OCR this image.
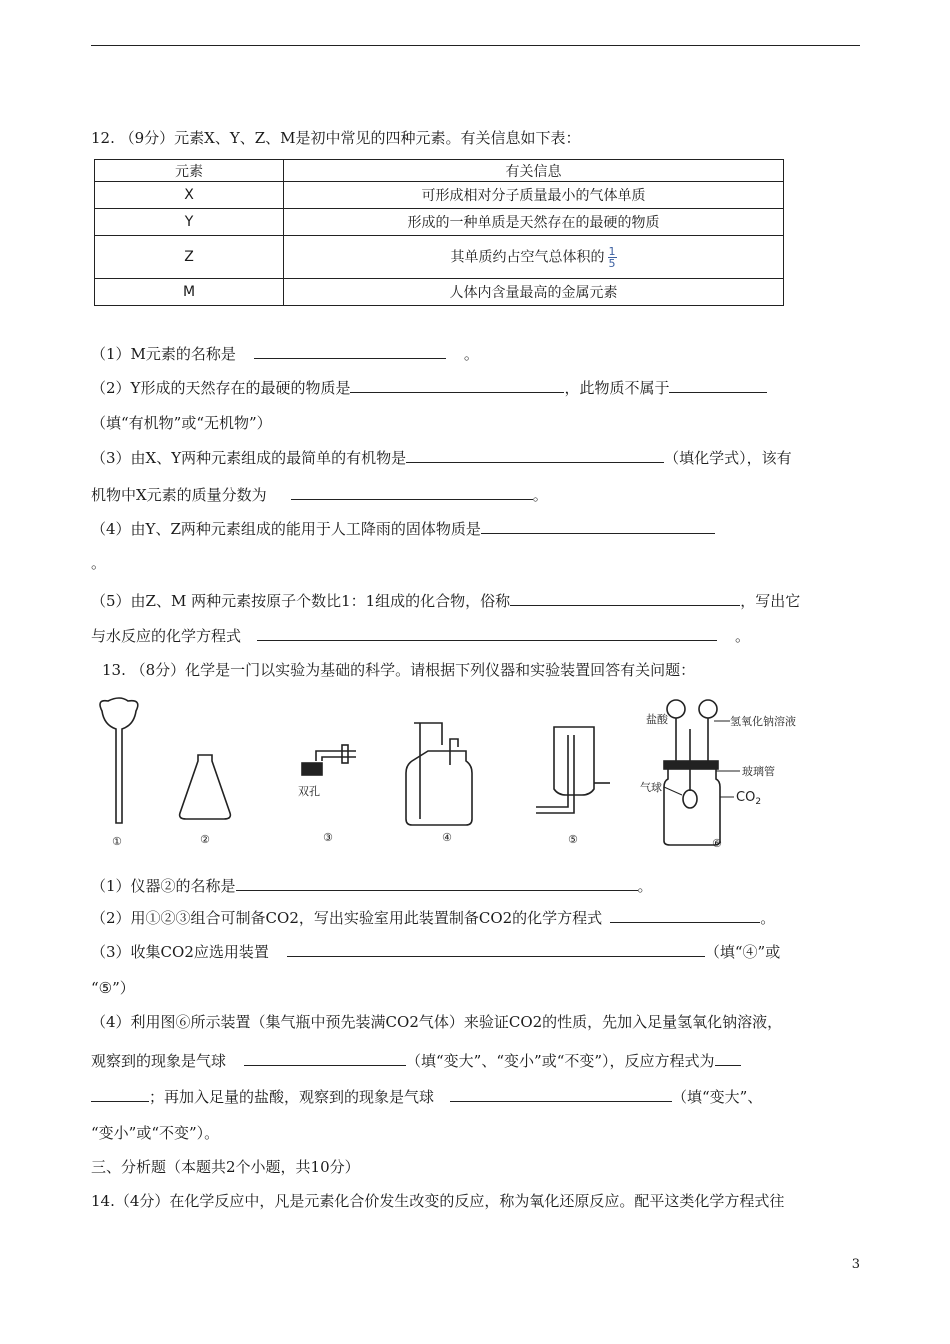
12. （9分）元素X、Y、Z、M是初中常见的四种元素。有关信息如下表：
元素	有关信息
X	可形成相对分子质量最小的气体单质
Y	形成的一种单质是天然存在的最硬的物质
Z	其单质约占空气总体积的 $\frac{1}{5}$

M	人体内含量最高的金属元素
（1）M元素的名称是	。
（2）Y形成的天然存在的最硬的物质是	，此物质不属于
（填“有机物”或“无机物”）
（3）由X、Y两种元素组成的最简单的有机物是	（填化学式），该有
机物中X元素的质量分数为	。
（4）由Y、Z两种元素组成的能用于人工降雨的固体物质是
。
（5）由Z、M 两种元素按原子个数比1：1组成的化合物，俗称	，写出它
与水反应的化学方程式	。
13. （8分）化学是一门以实验为基础的科学。请根据下列仪器和实验装置回答有关问题：
①	②	③	④	⑤	⑥
双孔
盐酸	氢氧化钠溶液
玻璃管
气球
$CO_2$
（1）仪器②的名称是	。
（2）用①②③组合可制备CO2，写出实验室用此装置制备CO2的化学方程式	。
（3）收集CO2应选用装置	（填“④”或
“⑤”）
（4）利用图⑥所示装置（集气瓶中预先装满CO2气体）来验证CO2的性质，先加入足量氢氧化钠溶液，
观察到的现象是气球	（填“变大”、“变小”或“不变”），反应方程式为
；再加入足量的盐酸，观察到的现象是气球	（填“变大”、
“变小”或“不变”）。
三、分析题（本题共2个小题，共10分）
14.（4分）在化学反应中，凡是元素化合价发生改变的反应，称为氧化还原反应。配平这类化学方程式往
3
